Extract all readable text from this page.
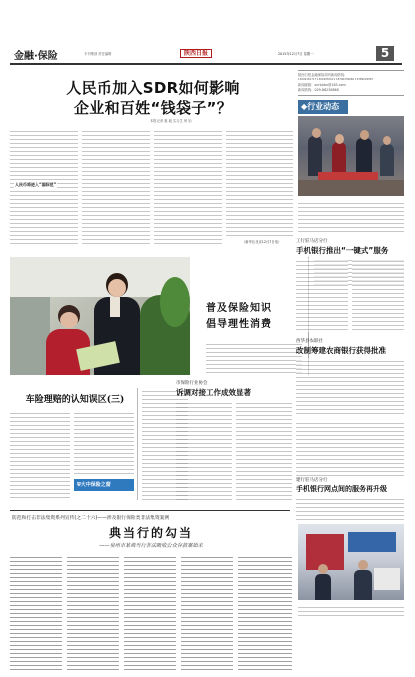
金融·保险	专刊策划 责任编辑	陕西日报	2015年12月7日 星期一	5
人民币加入SDR如何影响
企业和百姓“钱袋子”？
本报记者 惠 毅 实习生 何 怡
人民币将进入“国际范”
（新华社北京12月7日电）
陕西日报金融保险周刊新闻热线：
13609181717 13649955011 18706239666 15389029955
新闻邮箱：snrbjrbx@163.com
新闻热线：029-86238868
◆行业动态
普及保险知识
倡导理性消费
工行驻马店分行
手机银行推出“一键式”服务
西华县农联社
改制筹建农商银行获得批准
车险理赔的认知误区(三)
⛨大中保险之窗
市保险行业协会
诉调对接工作成效显著
建行驻马店分行
手机银行网点间的服务再升级
防范和打击非法集资系列宣传(之二十六)——涉及银行保险类非法集资案例
典当行的勾当
——泉州市某典当行非法吸收公众存款案始末
